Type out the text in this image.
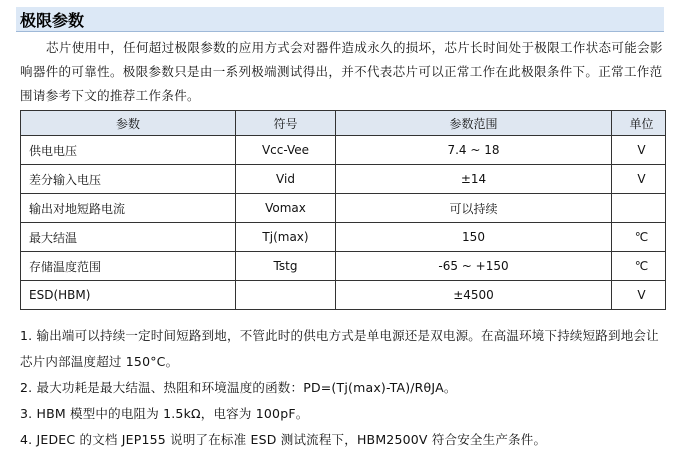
极限参数
芯片使用中，任何超过极限参数的应用方式会对器件造成永久的损坏，芯片长时间处于极限工作状态可能会影响器件的可靠性。极限参数只是由一系列极端测试得出，并不代表芯片可以正常工作在此极限条件下。正常工作范围请参考下文的推荐工作条件。
参数	符号	参数范围	单位
供电电压	Vcc-Vee	7.4 ~ 18	V
差分输入电压	Vid	±14	V
输出对地短路电流	Vomax	可以持续	
最大结温	Tj(max)	150	℃
存储温度范围	Tstg	-65 ~ +150	℃
ESD(HBM)		±4500	V

1. 输出端可以持续一定时间短路到地，不管此时的供电方式是单电源还是双电源。在高温环境下持续短路到地会让芯片内部温度超过 150°C。

2. 最大功耗是最大结温、热阻和环境温度的函数：PD=(Tj(max)-TA)/RθJA。

3. HBM 模型中的电阻为 1.5kΩ，电容为 100pF。

4. JEDEC 的文档 JEP155 说明了在标准 ESD 测试流程下，HBM2500V 符合安全生产条件。
